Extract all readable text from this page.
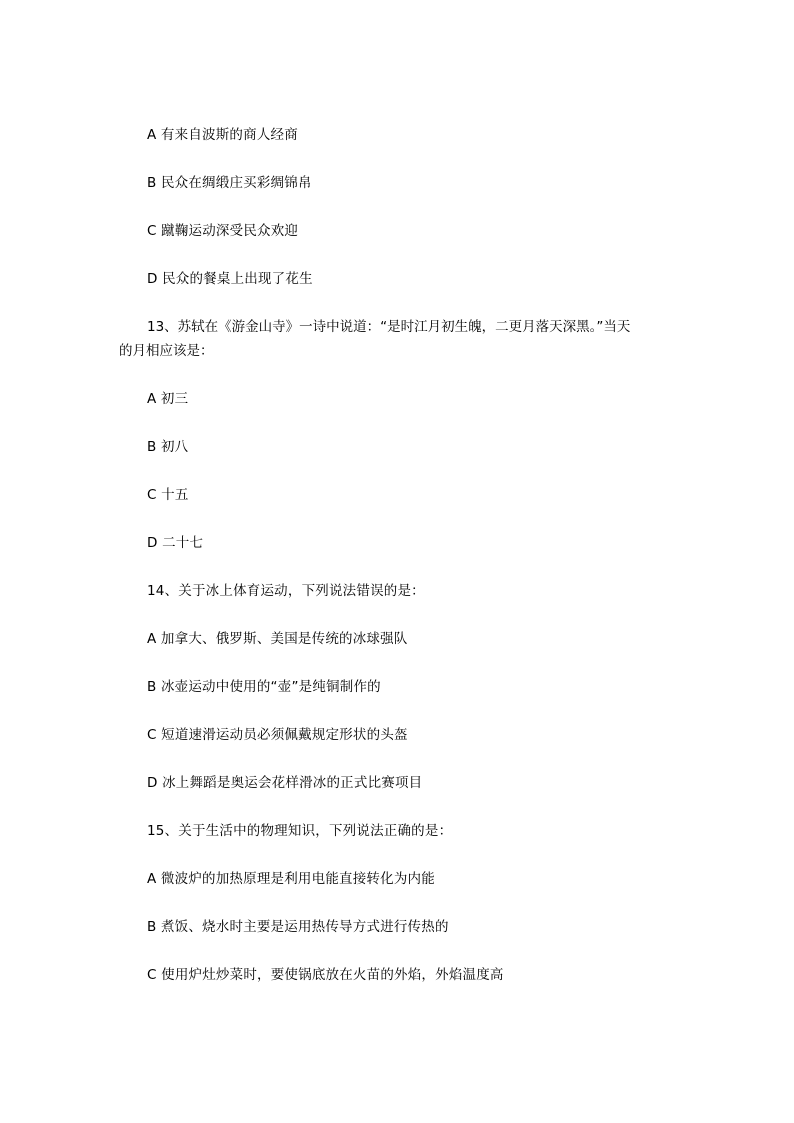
A 有来自波斯的商人经商
B 民众在绸缎庄买彩绸锦帛
C 蹴鞠运动深受民众欢迎
D 民众的餐桌上出现了花生
13、苏轼在《游金山寺》一诗中说道：“是时江月初生魄，二更月落天深黑。”当天
的月相应该是：
A 初三
B 初八
C 十五
D 二十七
14、关于冰上体育运动，下列说法错误的是：
A 加拿大、俄罗斯、美国是传统的冰球强队
B 冰壶运动中使用的“壶”是纯铜制作的
C 短道速滑运动员必须佩戴规定形状的头盔
D 冰上舞蹈是奥运会花样滑冰的正式比赛项目
15、关于生活中的物理知识，下列说法正确的是：
A 微波炉的加热原理是利用电能直接转化为内能
B 煮饭、烧水时主要是运用热传导方式进行传热的
C 使用炉灶炒菜时，要使锅底放在火苗的外焰，外焰温度高
